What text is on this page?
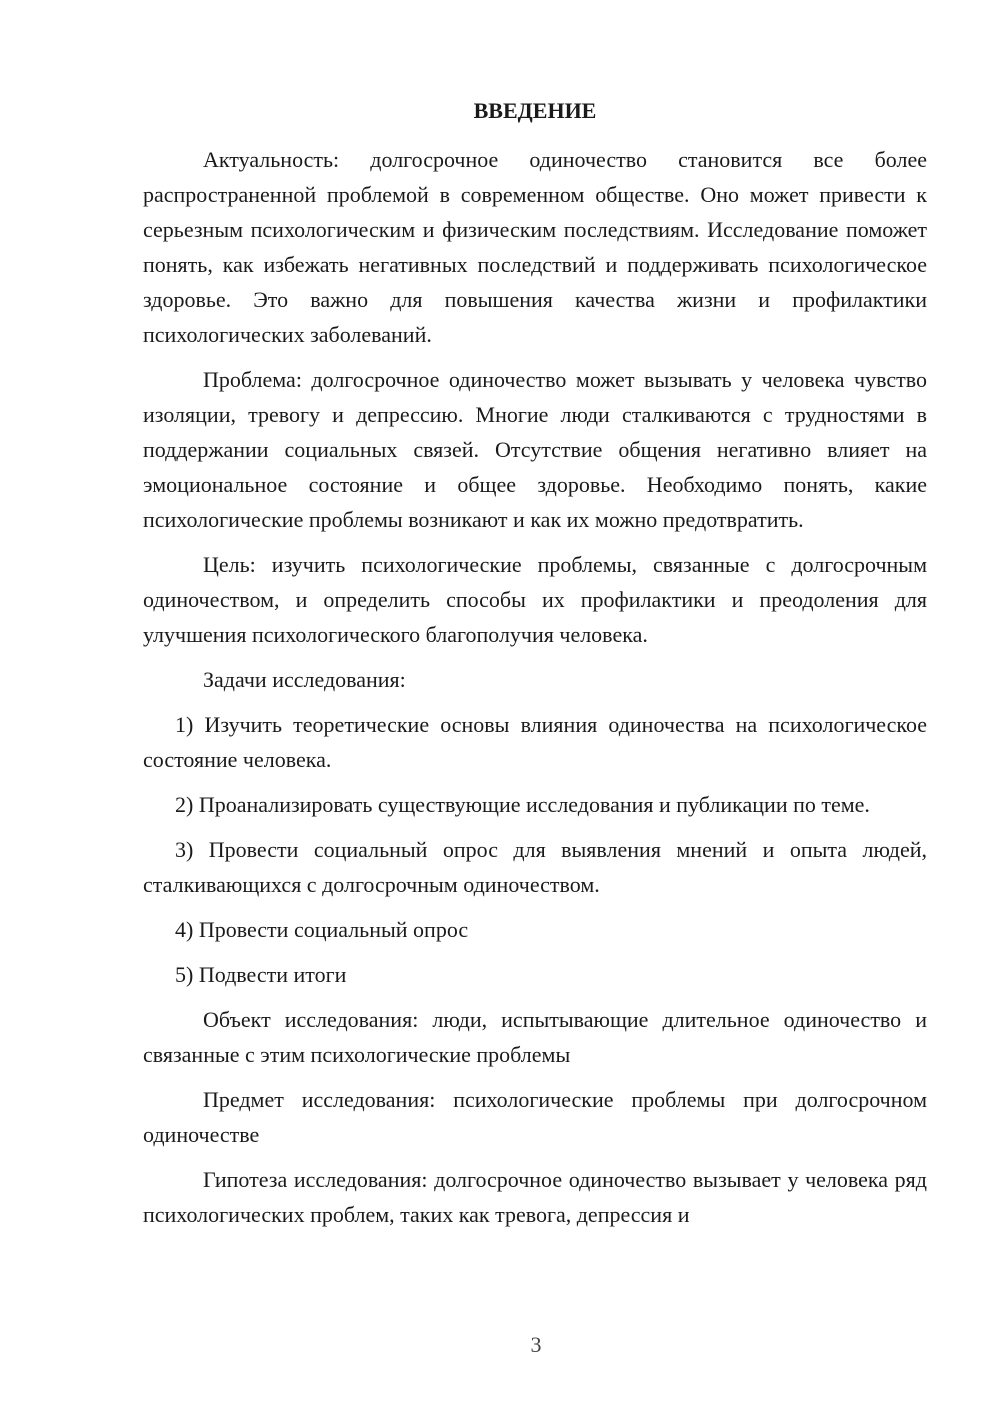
ВВЕДЕНИЕ

Актуальность: долгосрочное одиночество становится все более распространенной проблемой в современном обществе. Оно может привести к серьезным психологическим и физическим последствиям. Исследование поможет понять, как избежать негативных последствий и поддерживать психологическое здоровье. Это важно для повышения качества жизни и профилактики психологических заболеваний.

Проблема: долгосрочное одиночество может вызывать у человека чувство изоляции, тревогу и депрессию. Многие люди сталкиваются с трудностями в поддержании социальных связей. Отсутствие общения негативно влияет на эмоциональное состояние и общее здоровье. Необходимо понять, какие психологические проблемы возникают и как их можно предотвратить.

Цель: изучить психологические проблемы, связанные с долгосрочным одиночеством, и определить способы их профилактики и преодоления для улучшения психологического благополучия человека.

Задачи исследования:

1) Изучить теоретические основы влияния одиночества на психологическое состояние человека.

2) Проанализировать существующие исследования и публикации по теме.

3) Провести социальный опрос для выявления мнений и опыта людей, сталкивающихся с долгосрочным одиночеством.

4) Провести социальный опрос

5) Подвести итоги

Объект исследования: люди, испытывающие длительное одиночество и связанные с этим психологические проблемы

Предмет исследования: психологические проблемы при долгосрочном одиночестве

Гипотеза исследования: долгосрочное одиночество вызывает у человека ряд психологических проблем, таких как тревога, депрессия и

3
